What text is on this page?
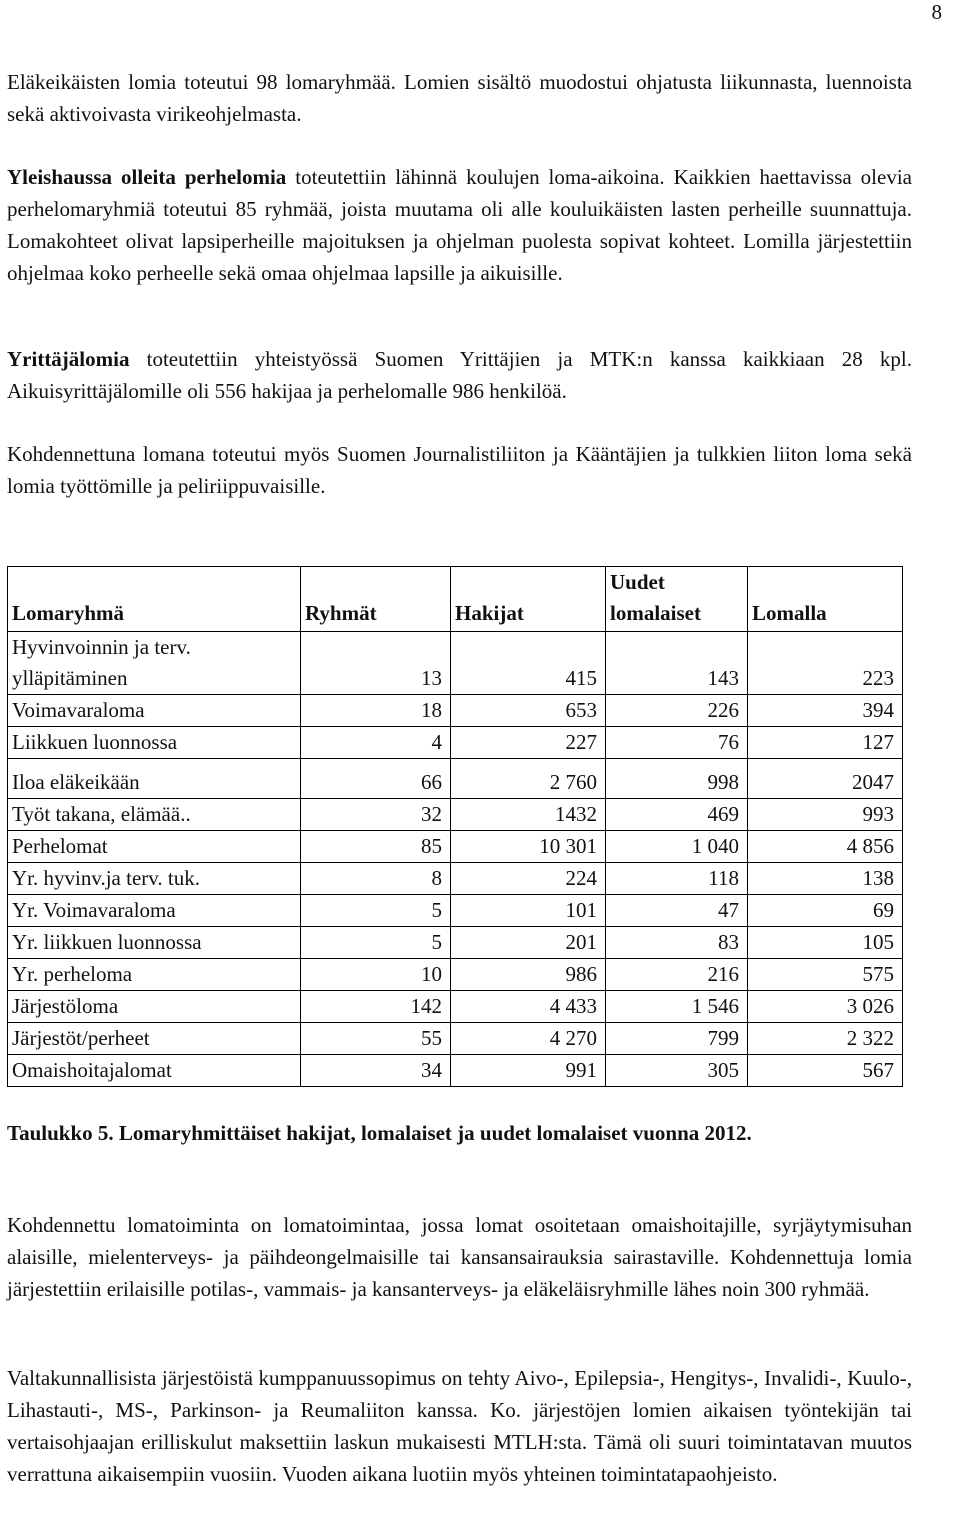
8

Eläkeikäisten lomia toteutui 98 lomaryhmää. Lomien sisältö muodostui ohjatusta liikunnasta, luennoista sekä aktivoivasta virikeohjelmasta.

Yleishaussa olleita perhelomia toteutettiin lähinnä koulujen loma-aikoina. Kaikkien haettavissa olevia perhelomaryhmiä toteutui 85 ryhmää, joista muutama oli alle kouluikäisten lasten perheille suunnattuja. Lomakohteet olivat lapsiperheille majoituksen ja ohjelman puolesta sopivat kohteet. Lomilla järjestettiin ohjelmaa koko perheelle sekä omaa ohjelmaa lapsille ja aikuisille.

Yrittäjälomia toteutettiin yhteistyössä Suomen Yrittäjien ja MTK:n kanssa kaikkiaan 28 kpl. Aikuisyrittäjälomille oli 556 hakijaa ja perhelomalle 986 henkilöä.

Kohdennettuna lomana toteutui myös Suomen Journalistiliiton ja Kääntäjien ja tulkkien liiton loma sekä lomia työttömille ja peliriippuvaisille.

Lomaryhmä	Ryhmät	Hakijat	Uudet lomalaiset	Lomalla
Hyvinvoinnin ja terv. ylläpitäminen	13	415	143	223
Voimavaraloma	18	653	226	394
Liikkuen luonnossa	4	227	76	127
Iloa eläkeikään	66	2 760	998	2047
Työt takana, elämää..	32	1432	469	993
Perhelomat	85	10 301	1 040	4 856
Yr. hyvinv.ja terv. tuk.	8	224	118	138
Yr. Voimavaraloma	5	101	47	69
Yr. liikkuen luonnossa	5	201	83	105
Yr. perheloma	10	986	216	575
Järjestöloma	142	4 433	1 546	3 026
Järjestöt/perheet	55	4 270	799	2 322
Omaishoitajalomat	34	991	305	567

Taulukko 5. Lomaryhmittäiset hakijat, lomalaiset ja uudet lomalaiset vuonna 2012.

Kohdennettu lomatoiminta on lomatoimintaa, jossa lomat osoitetaan omaishoitajille, syrjäytymisuhan alaisille, mielenterveys- ja päihdeongelmaisille tai kansansairauksia sairastaville. Kohdennettuja lomia järjestettiin erilaisille potilas-, vammais- ja kansanterveys- ja eläkeläisryhmille lähes noin 300 ryhmää.

Valtakunnallisista järjestöistä kumppanuussopimus on tehty Aivo-, Epilepsia-, Hengitys-, Invalidi-, Kuulo-, Lihastauti-, MS-, Parkinson- ja Reumaliiton kanssa. Ko. järjestöjen lomien aikaisen työntekijän tai vertaisohjaajan erilliskulut maksettiin laskun mukaisesti MTLH:sta. Tämä oli suuri toimintatavan muutos verrattuna aikaisempiin vuosiin. Vuoden aikana luotiin myös yhteinen toimintatapaohjeisto.
